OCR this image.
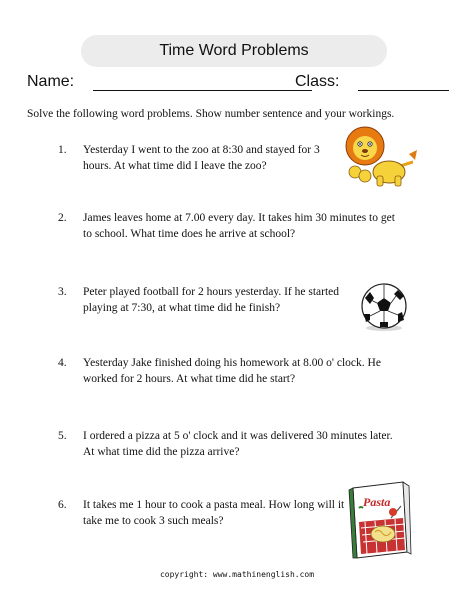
Time Word Problems
Name:	Class:
Solve the following word problems. Show number sentence and your workings.
1.	Yesterday I went to the zoo at 8:30 and stayed for 3 hours. At what time did I leave the zoo?
2.	James leaves home at 7.00 every day. It takes him 30 minutes to get to school. What time does he arrive at school?
3.	Peter played football for 2 hours yesterday. If he started playing at 7:30, at what time did he finish?
4.	Yesterday Jake finished doing his homework at 8.00 o' clock. He worked for 2 hours. At what time did he start?
5.	I ordered a pizza at 5 o' clock and it was delivered 30 minutes later. At what time did the pizza arrive?
6.	It takes me 1 hour to cook a pasta meal. How long will it take me to cook 3 such meals?
Pasta
copyright: www.mathinenglish.com
